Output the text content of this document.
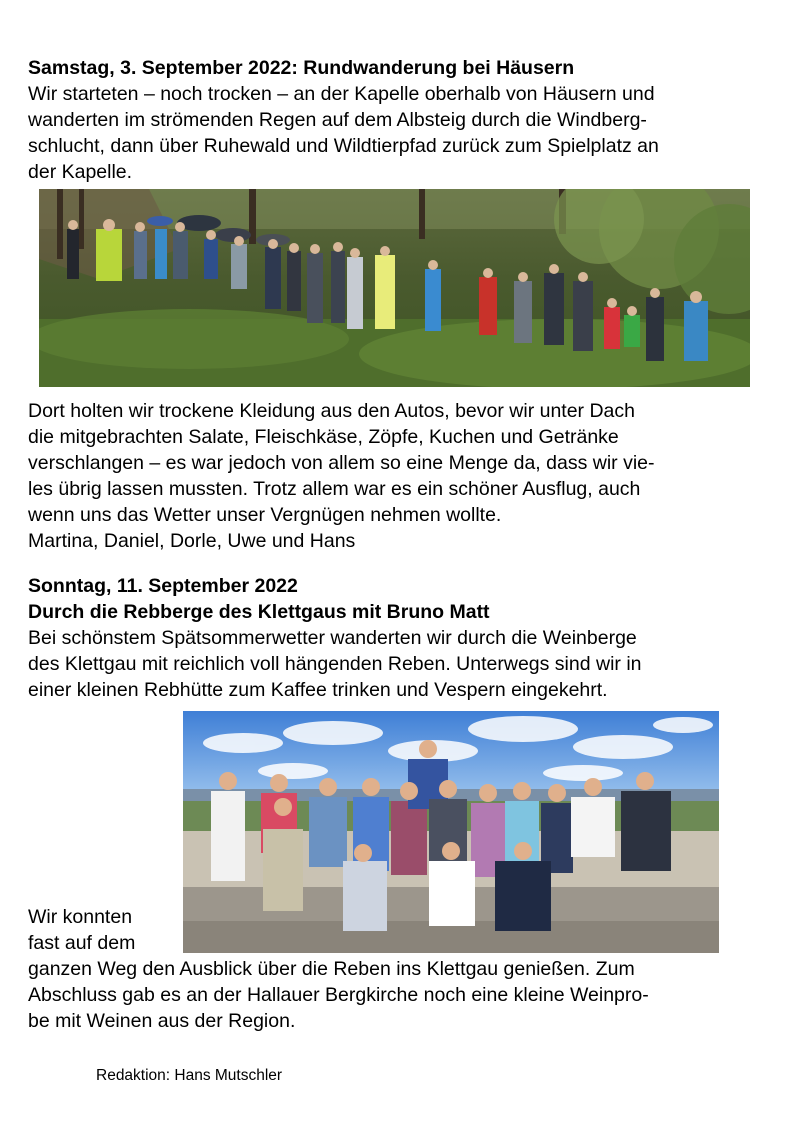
Samstag, 3. September 2022: Rundwanderung bei Häusern
Wir starteten – noch trocken – an der Kapelle oberhalb von Häusern und
wanderten im strömenden Regen auf dem Albsteig durch die Windberg-
schlucht, dann über Ruhewald und Wildtierpfad zurück zum Spielplatz an
der Kapelle.
Dort holten wir trockene Kleidung aus den Autos, bevor wir unter Dach
die mitgebrachten Salate, Fleischkäse, Zöpfe, Kuchen und Getränke
verschlangen – es war jedoch von allem so eine Menge da, dass wir vie-
les übrig lassen mussten. Trotz allem war es ein schöner Ausflug, auch
wenn uns das Wetter unser Vergnügen nehmen wollte.
Martina, Daniel, Dorle, Uwe und Hans
Sonntag, 11. September 2022
Durch die Rebberge des Klettgaus mit Bruno Matt
Bei schönstem Spätsommerwetter wanderten wir durch die Weinberge
des Klettgau mit reichlich voll hängenden Reben. Unterwegs sind wir in
einer kleinen Rebhütte zum Kaffee trinken und Vespern eingekehrt.
Wir konnten
fast auf dem
ganzen Weg den Ausblick über die Reben ins Klettgau genießen. Zum
Abschluss gab es an der Hallauer Bergkirche noch eine kleine Weinpro-
be mit Weinen aus der Region.
Redaktion: Hans Mutschler
